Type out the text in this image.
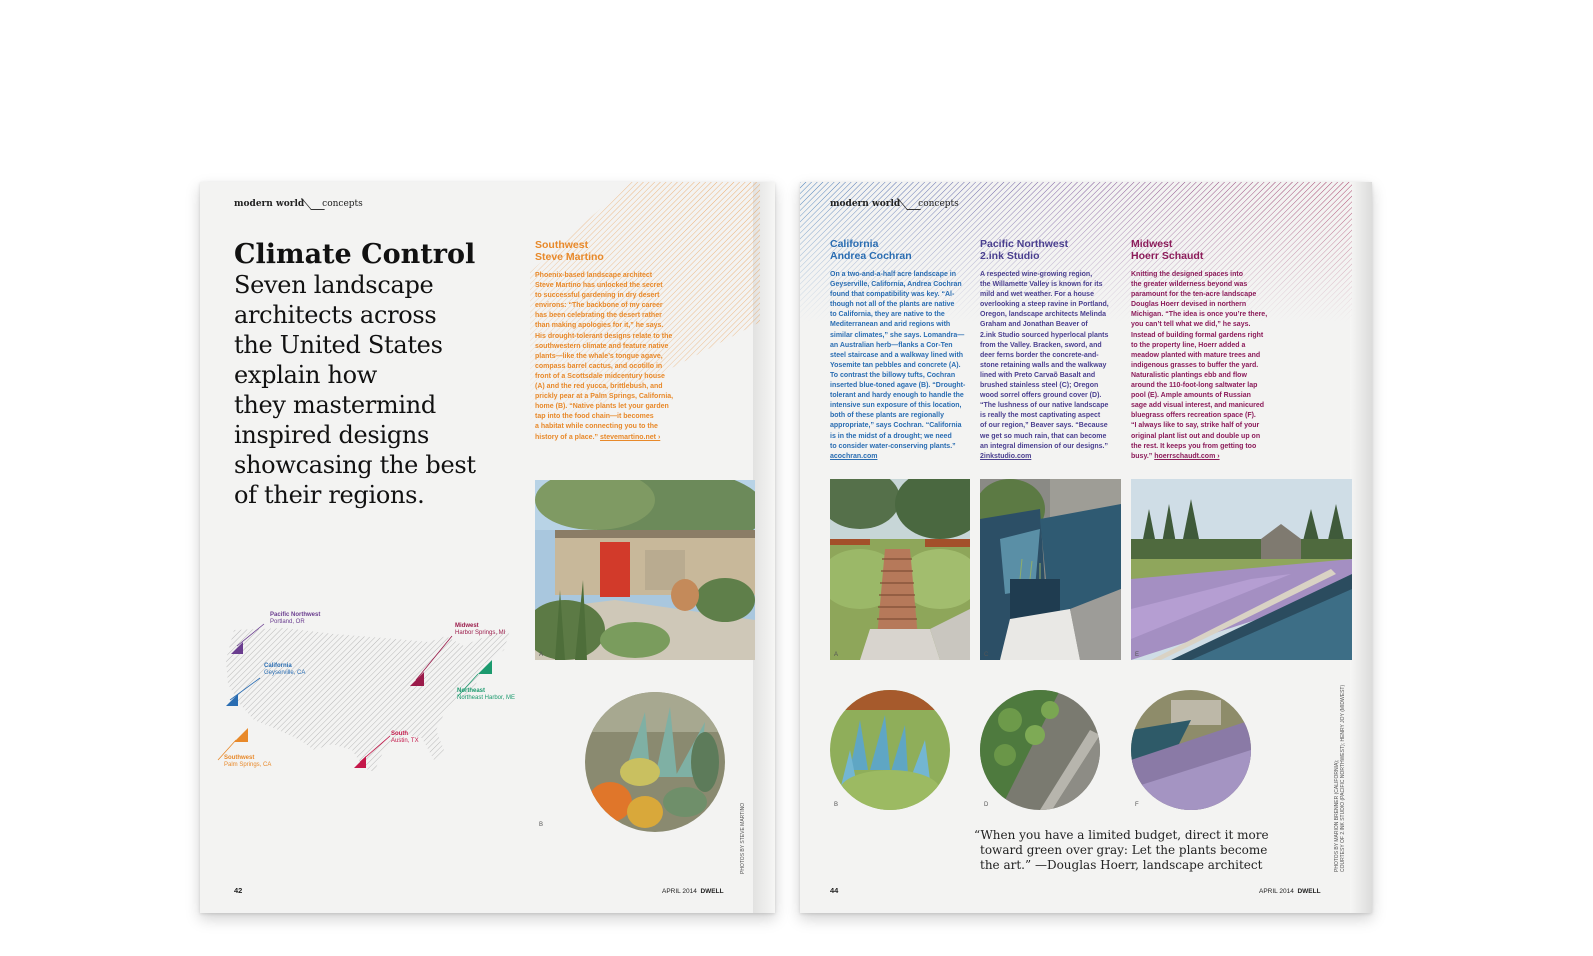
modern world concepts
Climate Control
Seven landscape
architects across
the United States
explain how
they mastermind
inspired designs
showcasing the best
of their regions.
Southwest
Steve Martino
Phoenix-based landscape architect
Steve Martino has unlocked the secret
to successful gardening in dry desert
environs: “The backbone of my career
has been celebrating the desert rather
than making apologies for it,” he says.
His drought-tolerant designs relate to the
southwestern climate and feature native
plants—like the whale’s tongue agave,
compass barrel cactus, and ocotillo in
front of a Scottsdale midcentury house
(A) and the red yucca, brittlebush, and
prickly pear at a Palm Springs, California,
home (B). “Native plants let your garden
tap into the food chain—it becomes
a habitat while connecting you to the
history of a place.” stevemartino.net ›
A
B
Pacific Northwest
Portland, OR
Midwest
Harbor Springs, MI
California
Geyserville, CA
Northeast
Northeast Harbor, ME
South
Austin, TX
Southwest
Palm Springs, CA
PHOTOS BY STEVE MARTINO
42	APRIL 2014 DWELL
modern world concepts
California
Andrea Cochran
On a two-and-a-half acre landscape in
Geyserville, California, Andrea Cochran
found that compatibility was key. “Al-
though not all of the plants are native
to California, they are native to the
Mediterranean and arid regions with
similar climates,” she says. Lomandra—
an Australian herb—flanks a Cor-Ten
steel staircase and a walkway lined with
Yosemite tan pebbles and concrete (A).
To contrast the billowy tufts, Cochran
inserted blue-toned agave (B). “Drought-
tolerant and hardy enough to handle the
intensive sun exposure of this location,
both of these plants are regionally
appropriate,” says Cochran. “California
is in the midst of a drought; we need
to consider water-conserving plants.”
acochran.com
Pacific Northwest
2.ink Studio
A respected wine-growing region,
the Willamette Valley is known for its
mild and wet weather. For a house
overlooking a steep ravine in Portland,
Oregon, landscape architects Melinda
Graham and Jonathan Beaver of
2.ink Studio sourced hyperlocal plants
from the Valley. Bracken, sword, and
deer ferns border the concrete-and-
stone retaining walls and the walkway
lined with Preto Carvaõ Basalt and
brushed stainless steel (C); Oregon
wood sorrel offers ground cover (D).
“The lushness of our native landscape
is really the most captivating aspect
of our region,” Beaver says. “Because
we get so much rain, that can become
an integral dimension of our designs.”
2inkstudio.com
Midwest
Hoerr Schaudt
Knitting the designed spaces into
the greater wilderness beyond was
paramount for the ten-acre landscape
Douglas Hoerr devised in northern
Michigan. “The idea is once you’re there,
you can’t tell what we did,” he says.
Instead of building formal gardens right
to the property line, Hoerr added a
meadow planted with mature trees and
indigenous grasses to buffer the yard.
Naturalistic plantings ebb and flow
around the 110-foot-long saltwater lap
pool (E). Ample amounts of Russian
sage add visual interest, and manicured
bluegrass offers recreation space (F).
“I always like to say, strike half of your
original plant list out and double up on
the rest. It keeps you from getting too
busy.” hoerrschaudt.com ›
A	C	E
B	D	F
“When you have a limited budget, direct it more
toward green over gray: Let the plants become
the art.” —Douglas Hoerr, landscape architect	PHOTOS BY MARION BRENNER (CALIFORNIA); COURTESY OF 2.INK STUDIO (PACIFIC NORTHWEST); HENRY JOY (MIDWEST)
44	APRIL 2014 DWELL
